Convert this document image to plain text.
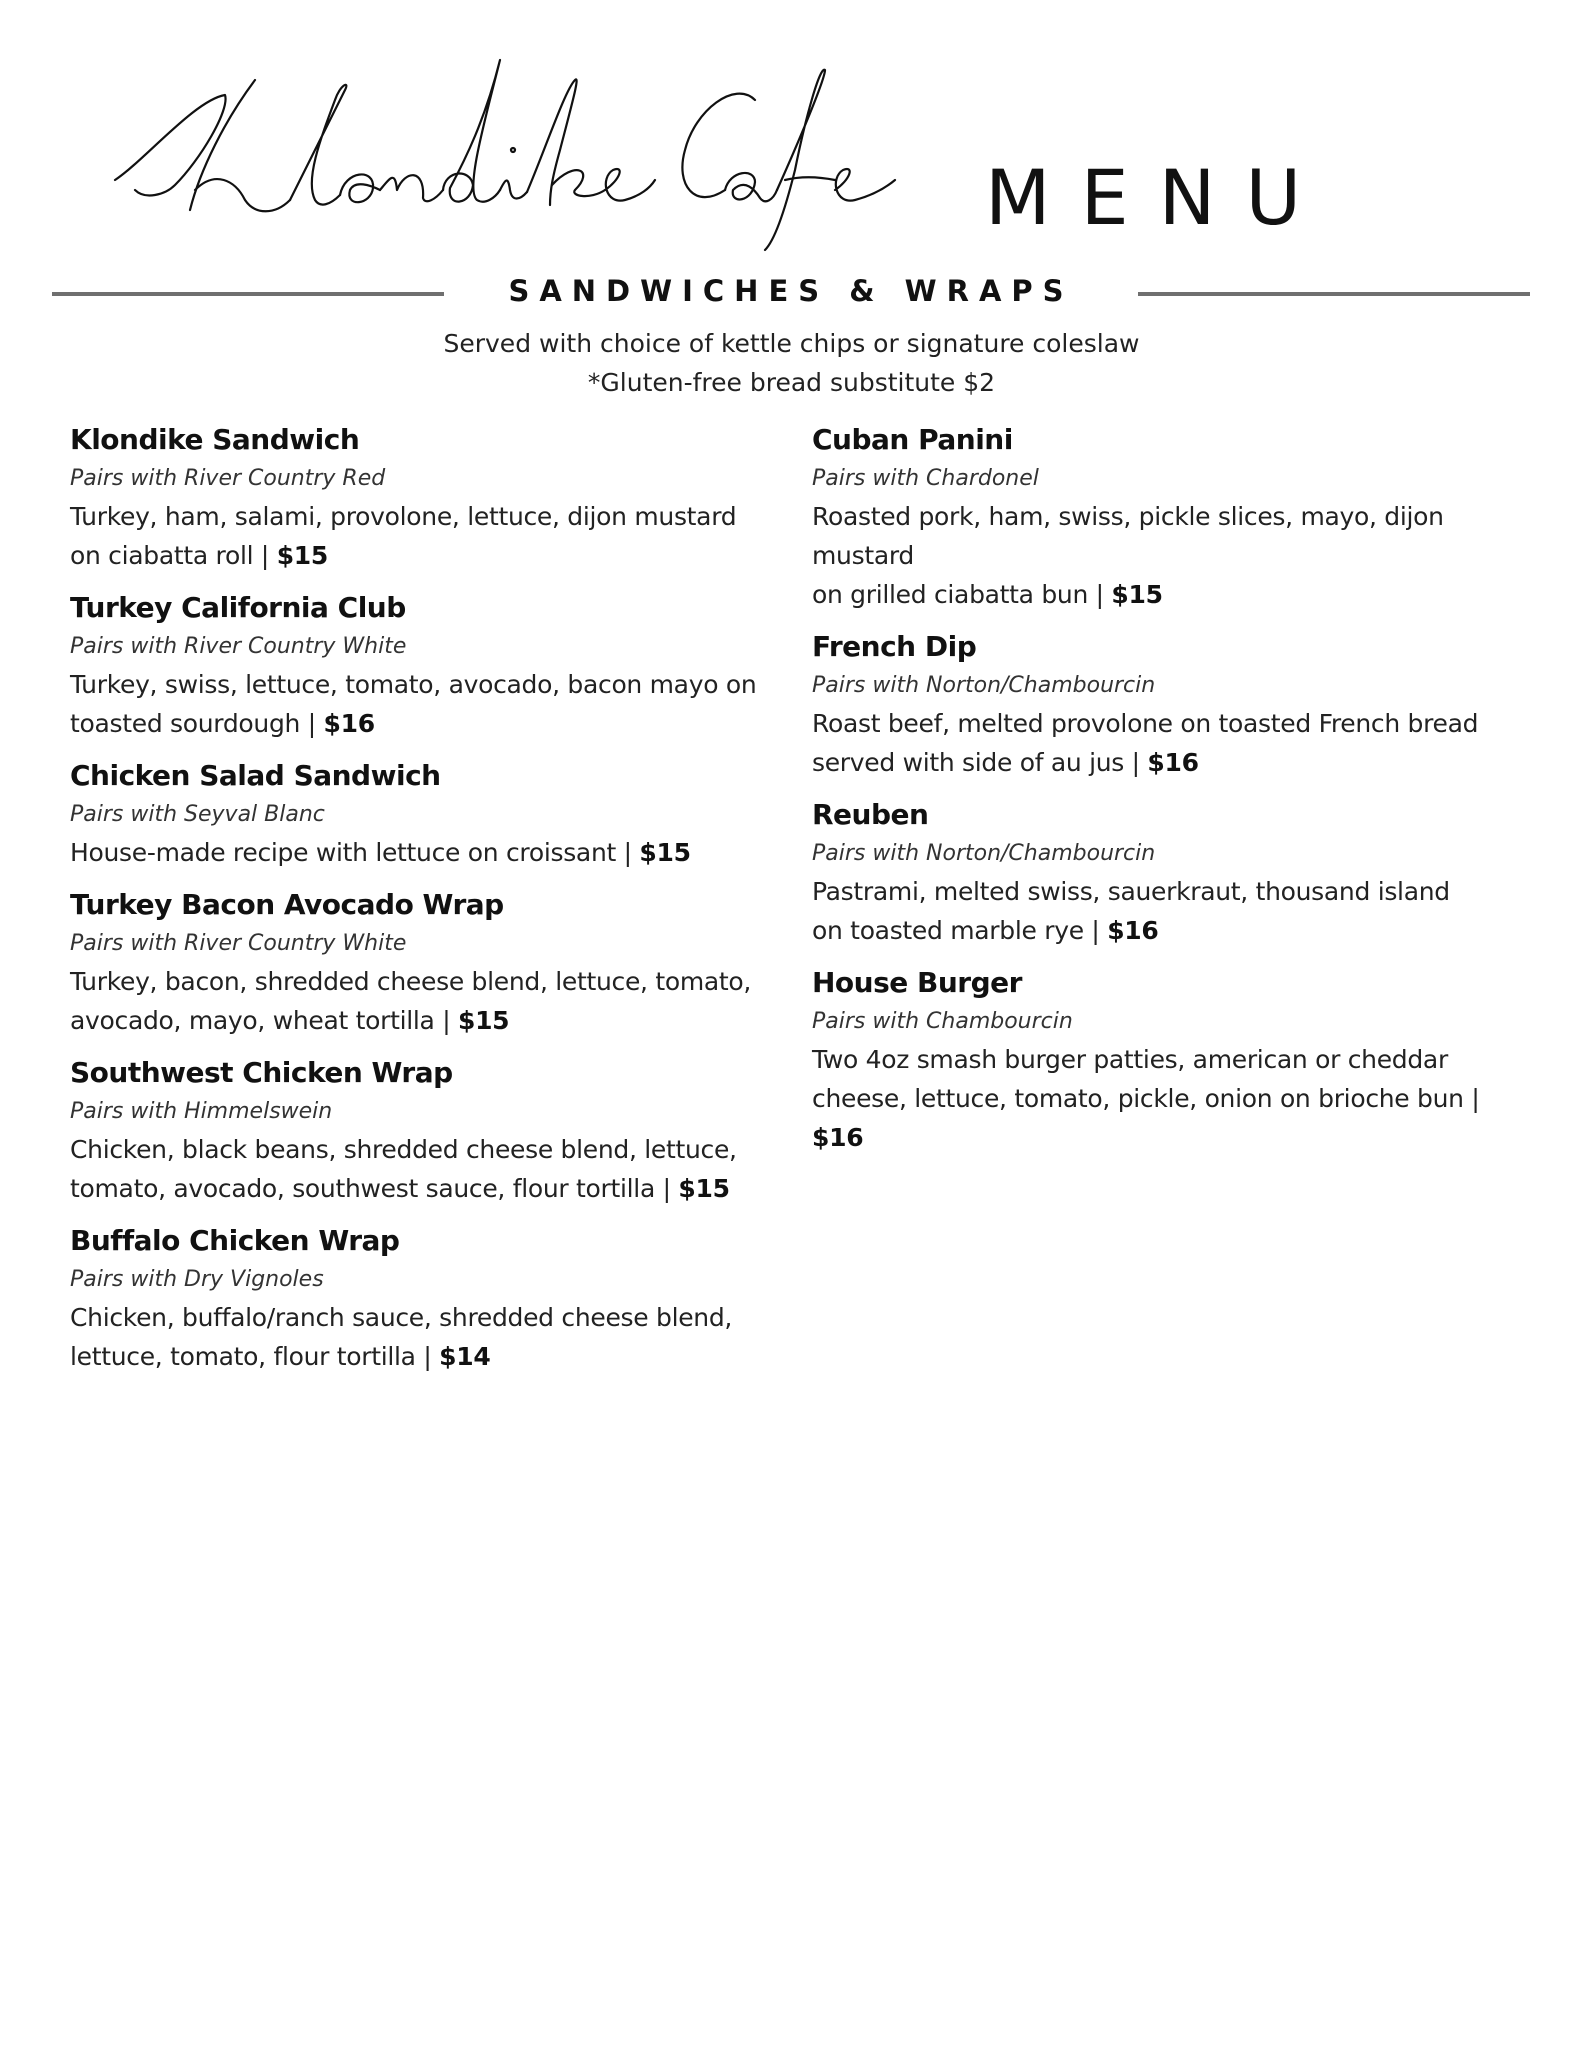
MENU
SANDWICHES & WRAPS
Served with choice of kettle chips or signature coleslaw
*Gluten-free bread substitute $2
Klondike Sandwich
Pairs with River Country Red
Turkey, ham, salami, provolone, lettuce, dijon mustard
on ciabatta roll | $15
Turkey California Club
Pairs with River Country White
Turkey, swiss, lettuce, tomato, avocado, bacon mayo on
toasted sourdough | $16
Chicken Salad Sandwich
Pairs with Seyval Blanc
House-made recipe with lettuce on croissant | $15
Turkey Bacon Avocado Wrap
Pairs with River Country White
Turkey, bacon, shredded cheese blend, lettuce, tomato,
avocado, mayo, wheat tortilla | $15
Southwest Chicken Wrap
Pairs with Himmelswein
Chicken, black beans, shredded cheese blend, lettuce,
tomato, avocado, southwest sauce, flour tortilla | $15
Buffalo Chicken Wrap
Pairs with Dry Vignoles
Chicken, buffalo/ranch sauce, shredded cheese blend,
lettuce, tomato, flour tortilla | $14
Cuban Panini
Pairs with Chardonel
Roasted pork, ham, swiss, pickle slices, mayo, dijon mustard
on grilled ciabatta bun | $15
French Dip
Pairs with Norton/Chambourcin
Roast beef, melted provolone on toasted French bread
served with side of au jus | $16
Reuben
Pairs with Norton/Chambourcin
Pastrami, melted swiss, sauerkraut, thousand island
on toasted marble rye | $16
House Burger
Pairs with Chambourcin
Two 4oz smash burger patties, american or cheddar
cheese, lettuce, tomato, pickle, onion on brioche bun | $16
